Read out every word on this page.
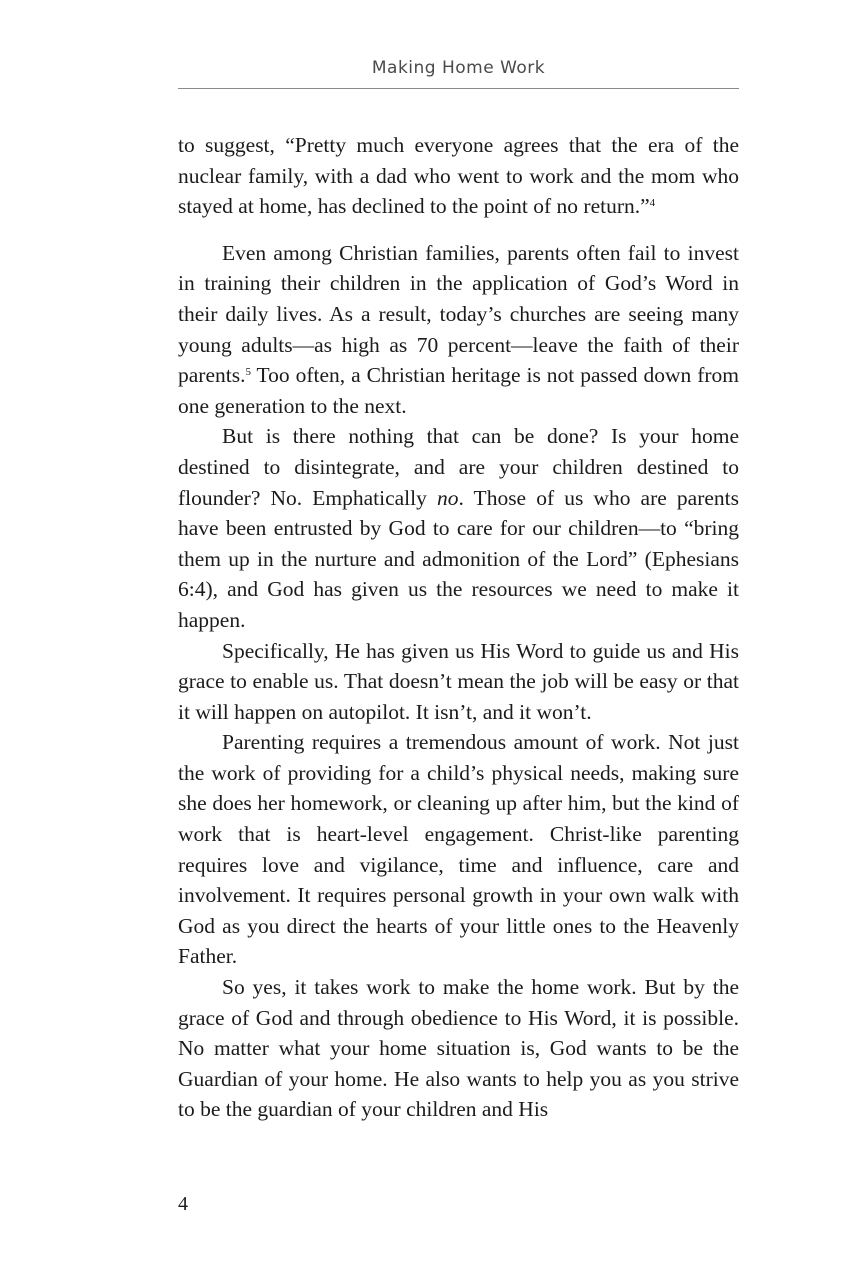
Making Home Work

to suggest, “Pretty much everyone agrees that the era of the nuclear family, with a dad who went to work and the mom who stayed at home, has declined to the point of no return.”$^4$

Even among Christian families, parents often fail to invest in training their children in the application of God’s Word in their daily lives. As a result, today’s churches are seeing many young adults—as high as 70 percent—leave the faith of their parents.$^5$ Too often, a Christian heritage is not passed down from one generation to the next.

But is there nothing that can be done? Is your home destined to disintegrate, and are your children destined to flounder? No. Emphatically no. Those of us who are parents have been entrusted by God to care for our children—to “bring them up in the nurture and admonition of the Lord” (Ephesians 6:4), and God has given us the resources we need to make it happen.

Specifically, He has given us His Word to guide us and His grace to enable us. That doesn’t mean the job will be easy or that it will happen on autopilot. It isn’t, and it won’t.

Parenting requires a tremendous amount of work. Not just the work of providing for a child’s physical needs, making sure she does her homework, or cleaning up after him, but the kind of work that is heart-level engagement. Christ-like parenting requires love and vigilance, time and influence, care and involvement. It requires personal growth in your own walk with God as you direct the hearts of your little ones to the Heavenly Father.

So yes, it takes work to make the home work. But by the grace of God and through obedience to His Word, it is possible. No matter what your home situation is, God wants to be the Guardian of your home. He also wants to help you as you strive to be the guardian of your children and His

4
